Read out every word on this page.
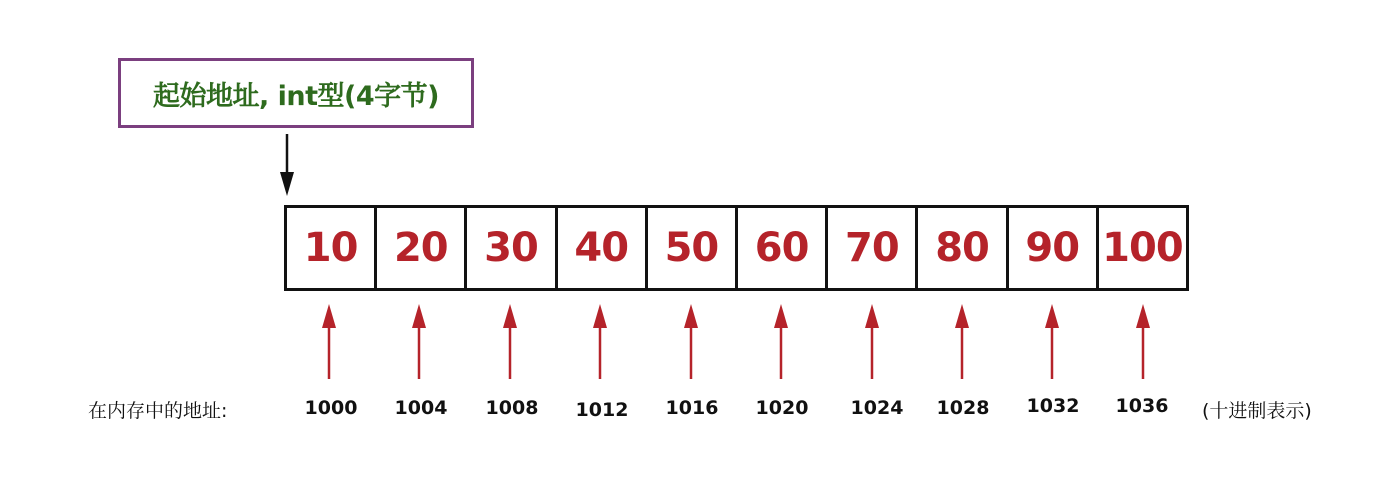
起始地址, int型(4字节)
10 20 30 40 50 60 70 80 90 100
在内存中的地址:	1000	1004	1008	1012	1016	1020	1024	1028	1032	1036	(十进制表示)
